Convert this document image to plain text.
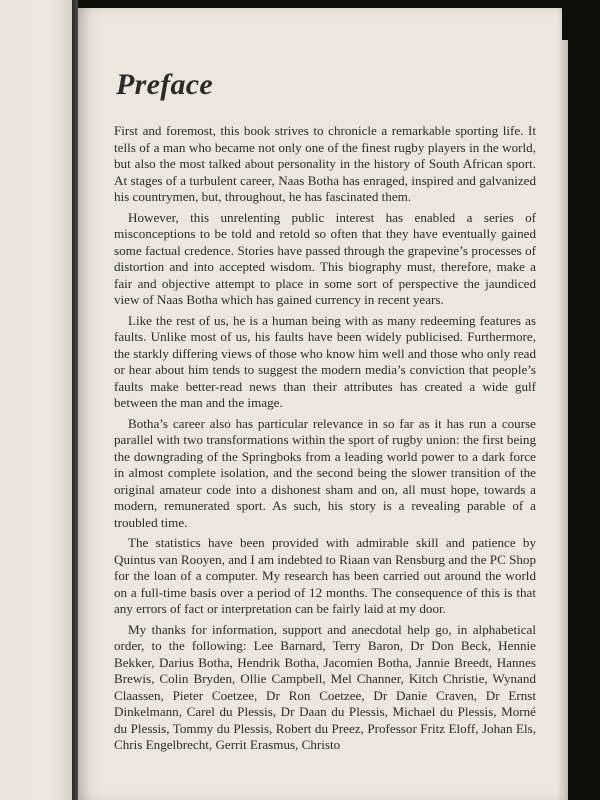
Preface

First and foremost, this book strives to chronicle a remarkable sporting life. It tells of a man who became not only one of the finest rugby players in the world, but also the most talked about personality in the history of South African sport. At stages of a turbulent career, Naas Botha has enraged, inspired and galvanized his countrymen, but, throughout, he has fascinated them.

However, this unrelenting public interest has enabled a series of misconceptions to be told and retold so often that they have eventually gained some factual credence. Stories have passed through the grapevine’s processes of distortion and into accepted wisdom. This biography must, therefore, make a fair and objective attempt to place in some sort of perspective the jaundiced view of Naas Botha which has gained currency in recent years.

Like the rest of us, he is a human being with as many redeeming features as faults. Unlike most of us, his faults have been widely publicised. Furthermore, the starkly differing views of those who know him well and those who only read or hear about him tends to suggest the modern media’s conviction that people’s faults make better-read news than their attributes has created a wide gulf between the man and the image.

Botha’s career also has particular relevance in so far as it has run a course parallel with two transformations within the sport of rugby union: the first being the downgrading of the Springboks from a leading world power to a dark force in almost complete isolation, and the second being the slower transition of the original amateur code into a dishonest sham and on, all must hope, towards a modern, remunerated sport. As such, his story is a revealing parable of a troubled time.

The statistics have been provided with admirable skill and patience by Quintus van Rooyen, and I am indebted to Riaan van Rensburg and the PC Shop for the loan of a computer. My research has been carried out around the world on a full-time basis over a period of 12 months. The consequence of this is that any errors of fact or interpretation can be fairly laid at my door.

My thanks for information, support and anecdotal help go, in alphabetical order, to the following: Lee Barnard, Terry Baron, Dr Don Beck, Hennie Bekker, Darius Botha, Hendrik Botha, Jacomien Botha, Jannie Breedt, Hannes Brewis, Colin Bryden, Ollie Campbell, Mel Channer, Kitch Christie, Wynand Claassen, Pieter Coetzee, Dr Ron Coetzee, Dr Danie Craven, Dr Ernst Dinkelmann, Carel du Plessis, Dr Daan du Plessis, Michael du Plessis, Morné du Plessis, Tommy du Plessis, Robert du Preez, Professor Fritz Eloff, Johan Els, Chris Engelbrecht, Gerrit Erasmus, Christo
